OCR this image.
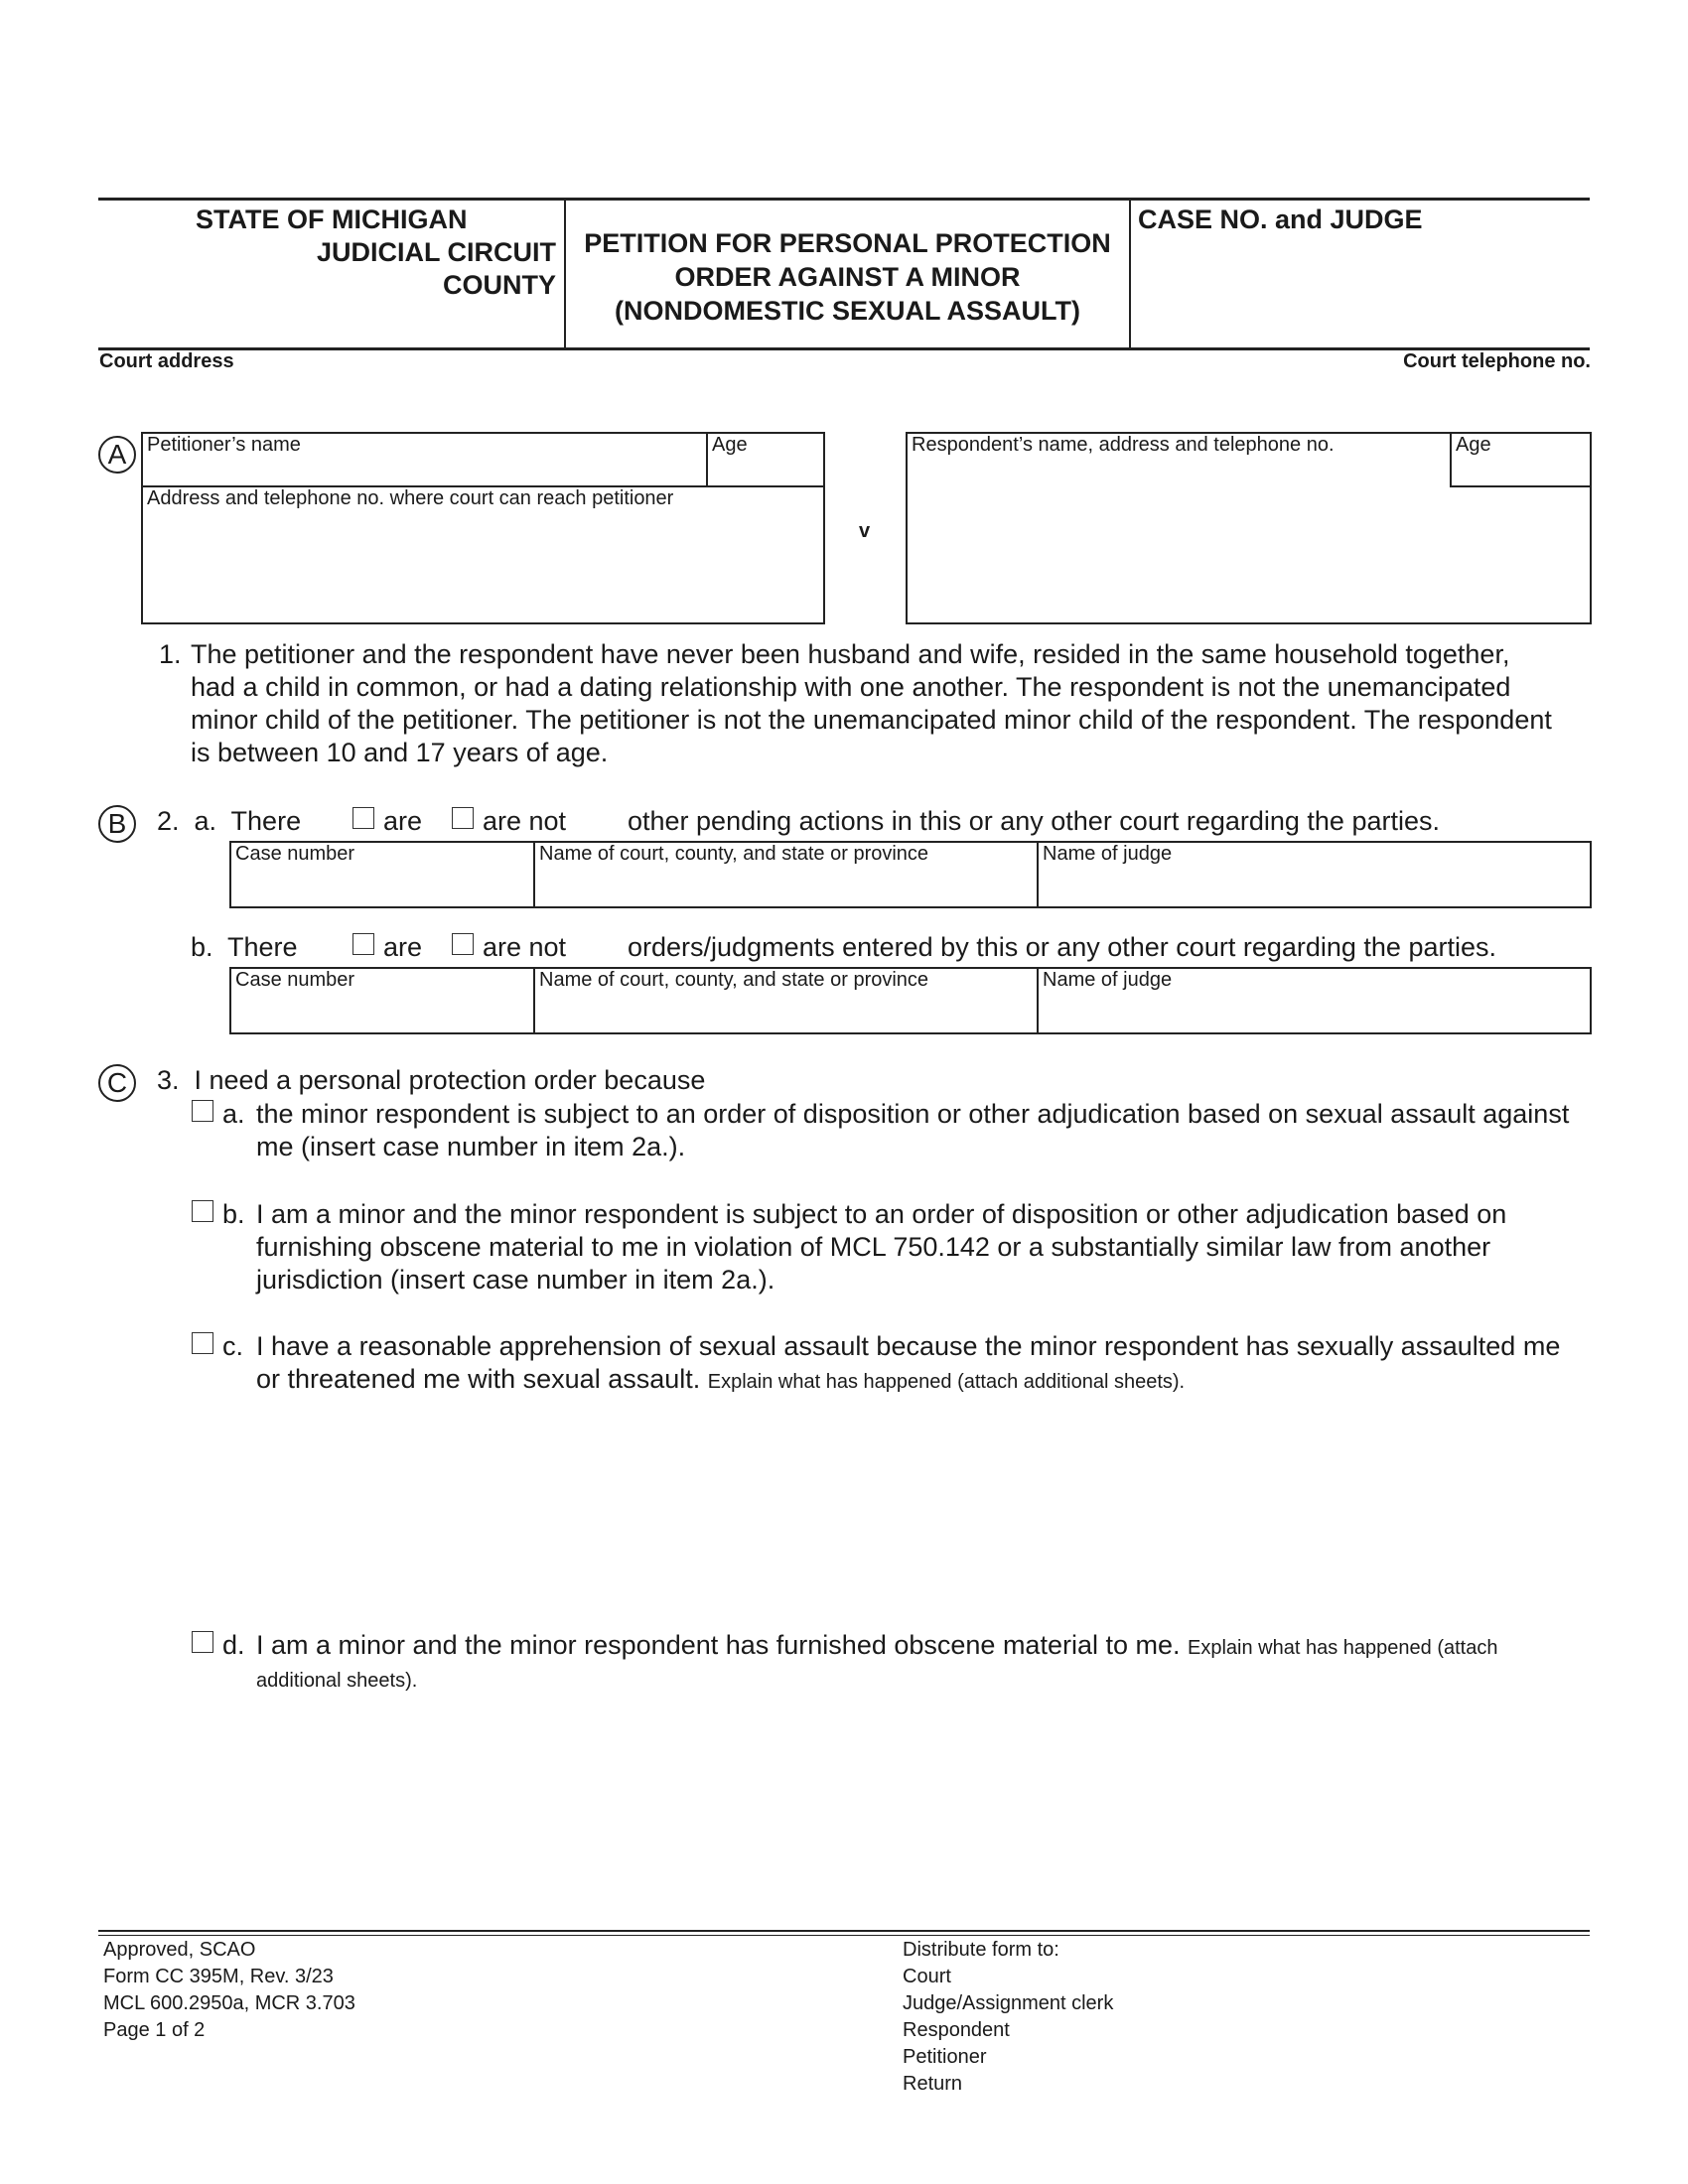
STATE OF MICHIGAN
JUDICIAL CIRCUIT
COUNTY
PETITION FOR PERSONAL PROTECTION
ORDER AGAINST A MINOR
(NONDOMESTIC SEXUAL ASSAULT)
CASE NO. and JUDGE
Court address	Court telephone no.
A	Petitioner’s name	Age
Address and telephone no. where court can reach petitioner
v
Respondent’s name, address and telephone no.	Age
1. The petitioner and the respondent have never been husband and wife, resided in the same household together,
had a child in common, or had a dating relationship with one another. The respondent is not the unemancipated
minor child of the petitioner. The petitioner is not the unemancipated minor child of the respondent. The respondent
is between 10 and 17 years of age.
B	2.  a.  There	are are not other pending actions in this or any other court regarding the parties.
Case number	Name of court, county, and state or province	Name of judge
b.  There	are are not orders/judgments entered by this or any other court regarding the parties.
Case number	Name of court, county, and state or province	Name of judge
C	3.  I need a personal protection order because
a. the minor respondent is subject to an order of disposition or other adjudication based on sexual assault against
me (insert case number in item 2a.).
b. I am a minor and the minor respondent is subject to an order of disposition or other adjudication based on
furnishing obscene material to me in violation of MCL 750.142 or a substantially similar law from another
jurisdiction (insert case number in item 2a.).
c. I have a reasonable apprehension of sexual assault because the minor respondent has sexually assaulted me
or threatened me with sexual assault. Explain what has happened (attach additional sheets).
d. I am a minor and the minor respondent has furnished obscene material to me. Explain what has happened (attach
additional sheets).
Approved, SCAO
Form CC 395M, Rev. 3/23
MCL 600.2950a, MCR 3.703
Page 1 of 2
Distribute form to:
Court
Judge/Assignment clerk
Respondent
Petitioner
Return
